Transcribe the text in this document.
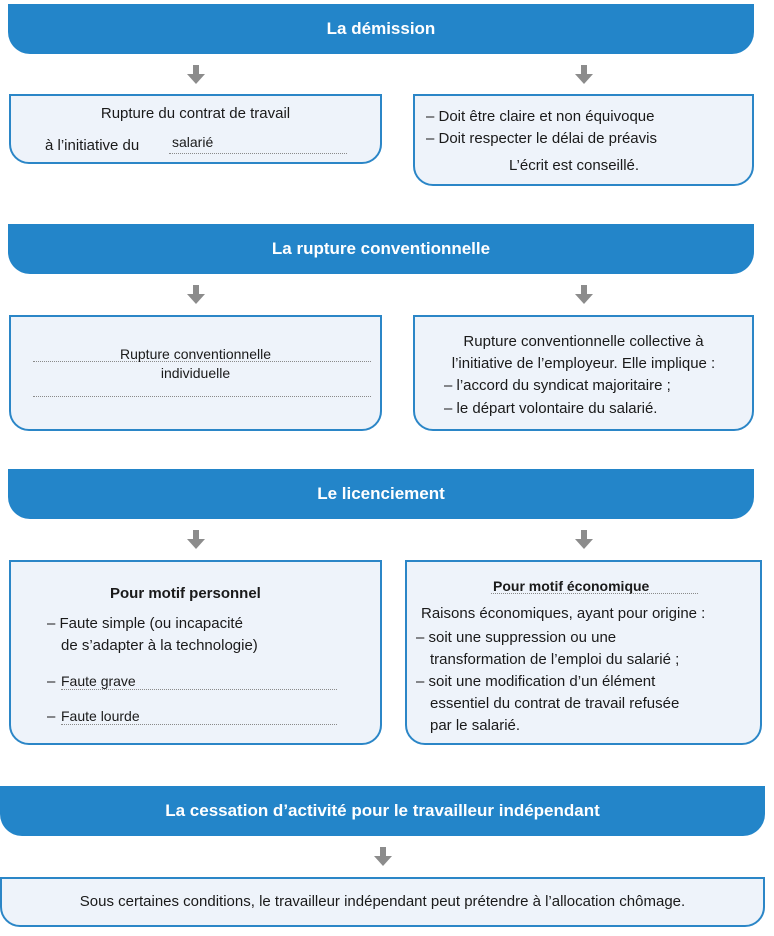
La démission
Rupture du contrat de travail
à l’initiative du salarié
– Doit être claire et non équivoque
– Doit respecter le délai de préavis
L’écrit est conseillé.
La rupture conventionnelle
Rupture conventionnelle
individuelle
Rupture conventionnelle collective à
l’initiative de l’employeur. Elle implique :
– l’accord du syndicat majoritaire ;
– le départ volontaire du salarié.
Le licenciement
Pour motif personnel
– Faute simple (ou incapacité
de s’adapter à la technologie)
– Faute grave
– Faute lourde
Pour motif économique
Raisons économiques, ayant pour origine :
– soit une suppression ou une
transformation de l’emploi du salarié ;
– soit une modification d’un élément
essentiel du contrat de travail refusée
par le salarié.
La cessation d’activité pour le travailleur indépendant
Sous certaines conditions, le travailleur indépendant peut prétendre à l’allocation chômage.
